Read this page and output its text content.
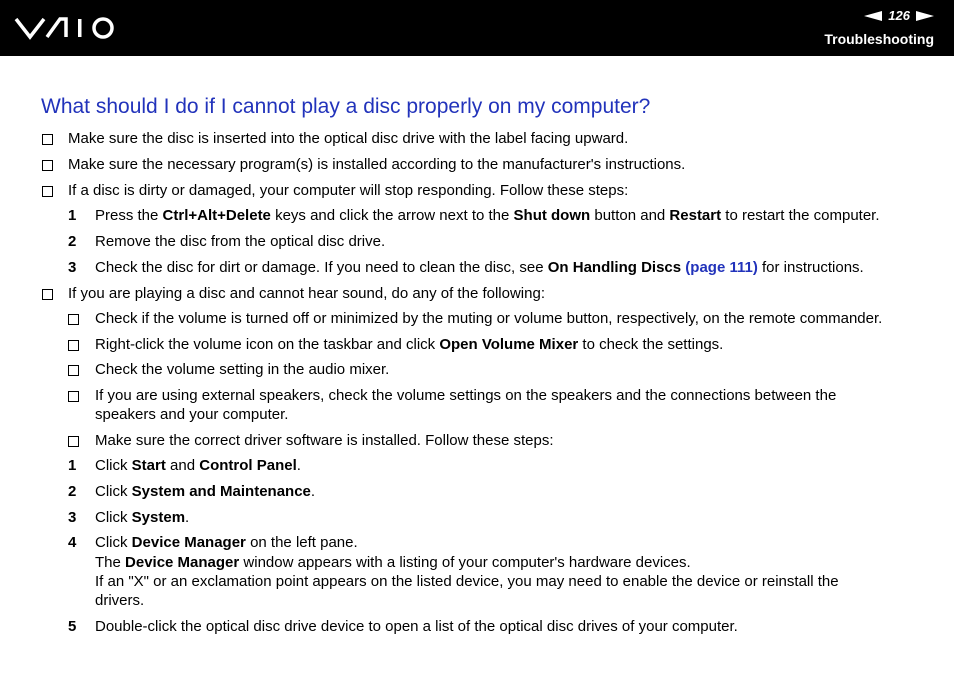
126
Troubleshooting
What should I do if I cannot play a disc properly on my computer?
Make sure the disc is inserted into the optical disc drive with the label facing upward.
Make sure the necessary program(s) is installed according to the manufacturer's instructions.
If a disc is dirty or damaged, your computer will stop responding. Follow these steps:
1 Press the Ctrl+Alt+Delete keys and click the arrow next to the Shut down button and Restart to restart the computer.
2 Remove the disc from the optical disc drive.
3 Check the disc for dirt or damage. If you need to clean the disc, see On Handling Discs (page 111) for instructions.
If you are playing a disc and cannot hear sound, do any of the following:
Check if the volume is turned off or minimized by the muting or volume button, respectively, on the remote commander.
Right-click the volume icon on the taskbar and click Open Volume Mixer to check the settings.
Check the volume setting in the audio mixer.
If you are using external speakers, check the volume settings on the speakers and the connections between the
speakers and your computer.
Make sure the correct driver software is installed. Follow these steps:
1 Click Start and Control Panel.
2 Click System and Maintenance.
3 Click System.
4 Click Device Manager on the left pane.
The Device Manager window appears with a listing of your computer's hardware devices.
If an "X" or an exclamation point appears on the listed device, you may need to enable the device or reinstall the
drivers.
5 Double-click the optical disc drive device to open a list of the optical disc drives of your computer.
